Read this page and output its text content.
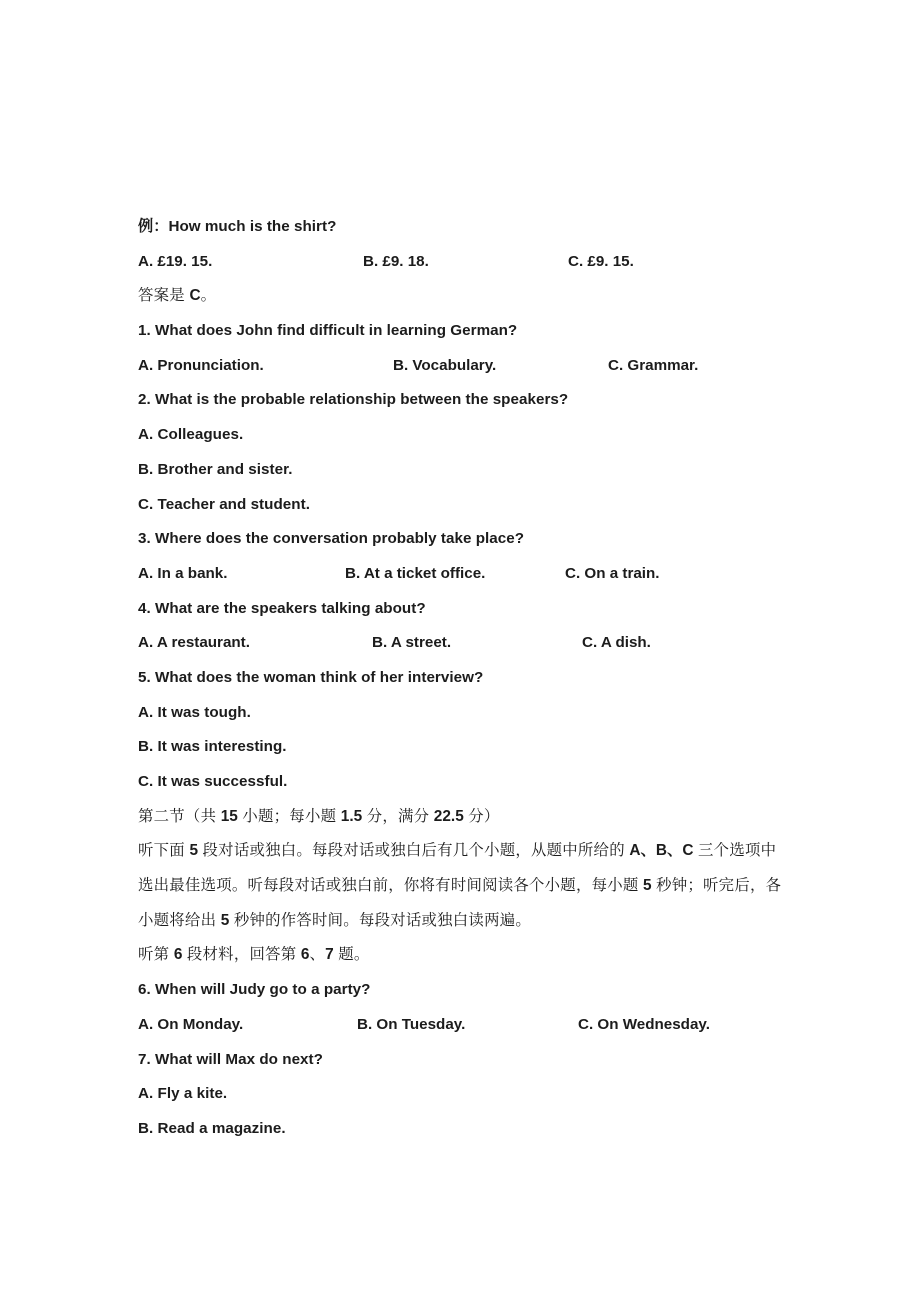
例：How much is the shirt?
A. £19. 15.	B. £9. 18.	C. £9. 15.
答案是 C。
1. What does John find difficult in learning German?
A. Pronunciation.	B. Vocabulary.	C. Grammar.
2. What is the probable relationship between the speakers?
A. Colleagues.
B. Brother and sister.
C. Teacher and student.
3. Where does the conversation probably take place?
A. In a bank.	B. At a ticket office.	C. On a train.
4. What are the speakers talking about?
A. A restaurant.	B. A street.	C. A dish.
5. What does the woman think of her interview?
A. It was tough.
B. It was interesting.
C. It was successful.
第二节（共 15 小题；每小题 1.5 分，满分 22.5 分）
听下面 5 段对话或独白。每段对话或独白后有几个小题，从题中所给的 A、B、C 三个选项中选出最佳选项。听每段对话或独白前，你将有时间阅读各个小题，每小题 5 秒钟；听完后，各小题将给出 5 秒钟的作答时间。每段对话或独白读两遍。
听第 6 段材料，回答第 6、7 题。
6. When will Judy go to a party?
A. On Monday.	B. On Tuesday.	C. On Wednesday.
7. What will Max do next?
A. Fly a kite.
B. Read a magazine.
